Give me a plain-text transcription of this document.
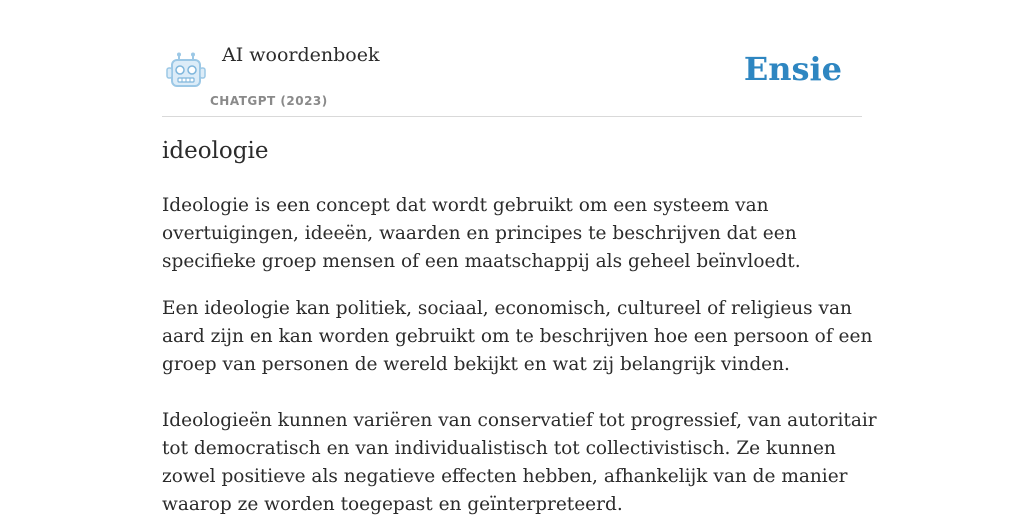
AI woordenboek
CHATGPT (2023)
Ensie
ideologie

Ideologie is een concept dat wordt gebruikt om een systeem van overtuigingen, ideeën, waarden en principes te beschrijven dat een specifieke groep mensen of een maatschappij als geheel beïnvloedt.

Een ideologie kan politiek, sociaal, economisch, cultureel of religieus van aard zijn en kan worden gebruikt om te beschrijven hoe een persoon of een groep van personen de wereld bekijkt en wat zij belangrijk vinden.

Ideologieën kunnen variëren van conservatief tot progressief, van autoritair tot democratisch en van individualistisch tot collectivistisch. Ze kunnen zowel positieve als negatieve effecten hebben, afhankelijk van de manier waarop ze worden toegepast en geïnterpreteerd.
